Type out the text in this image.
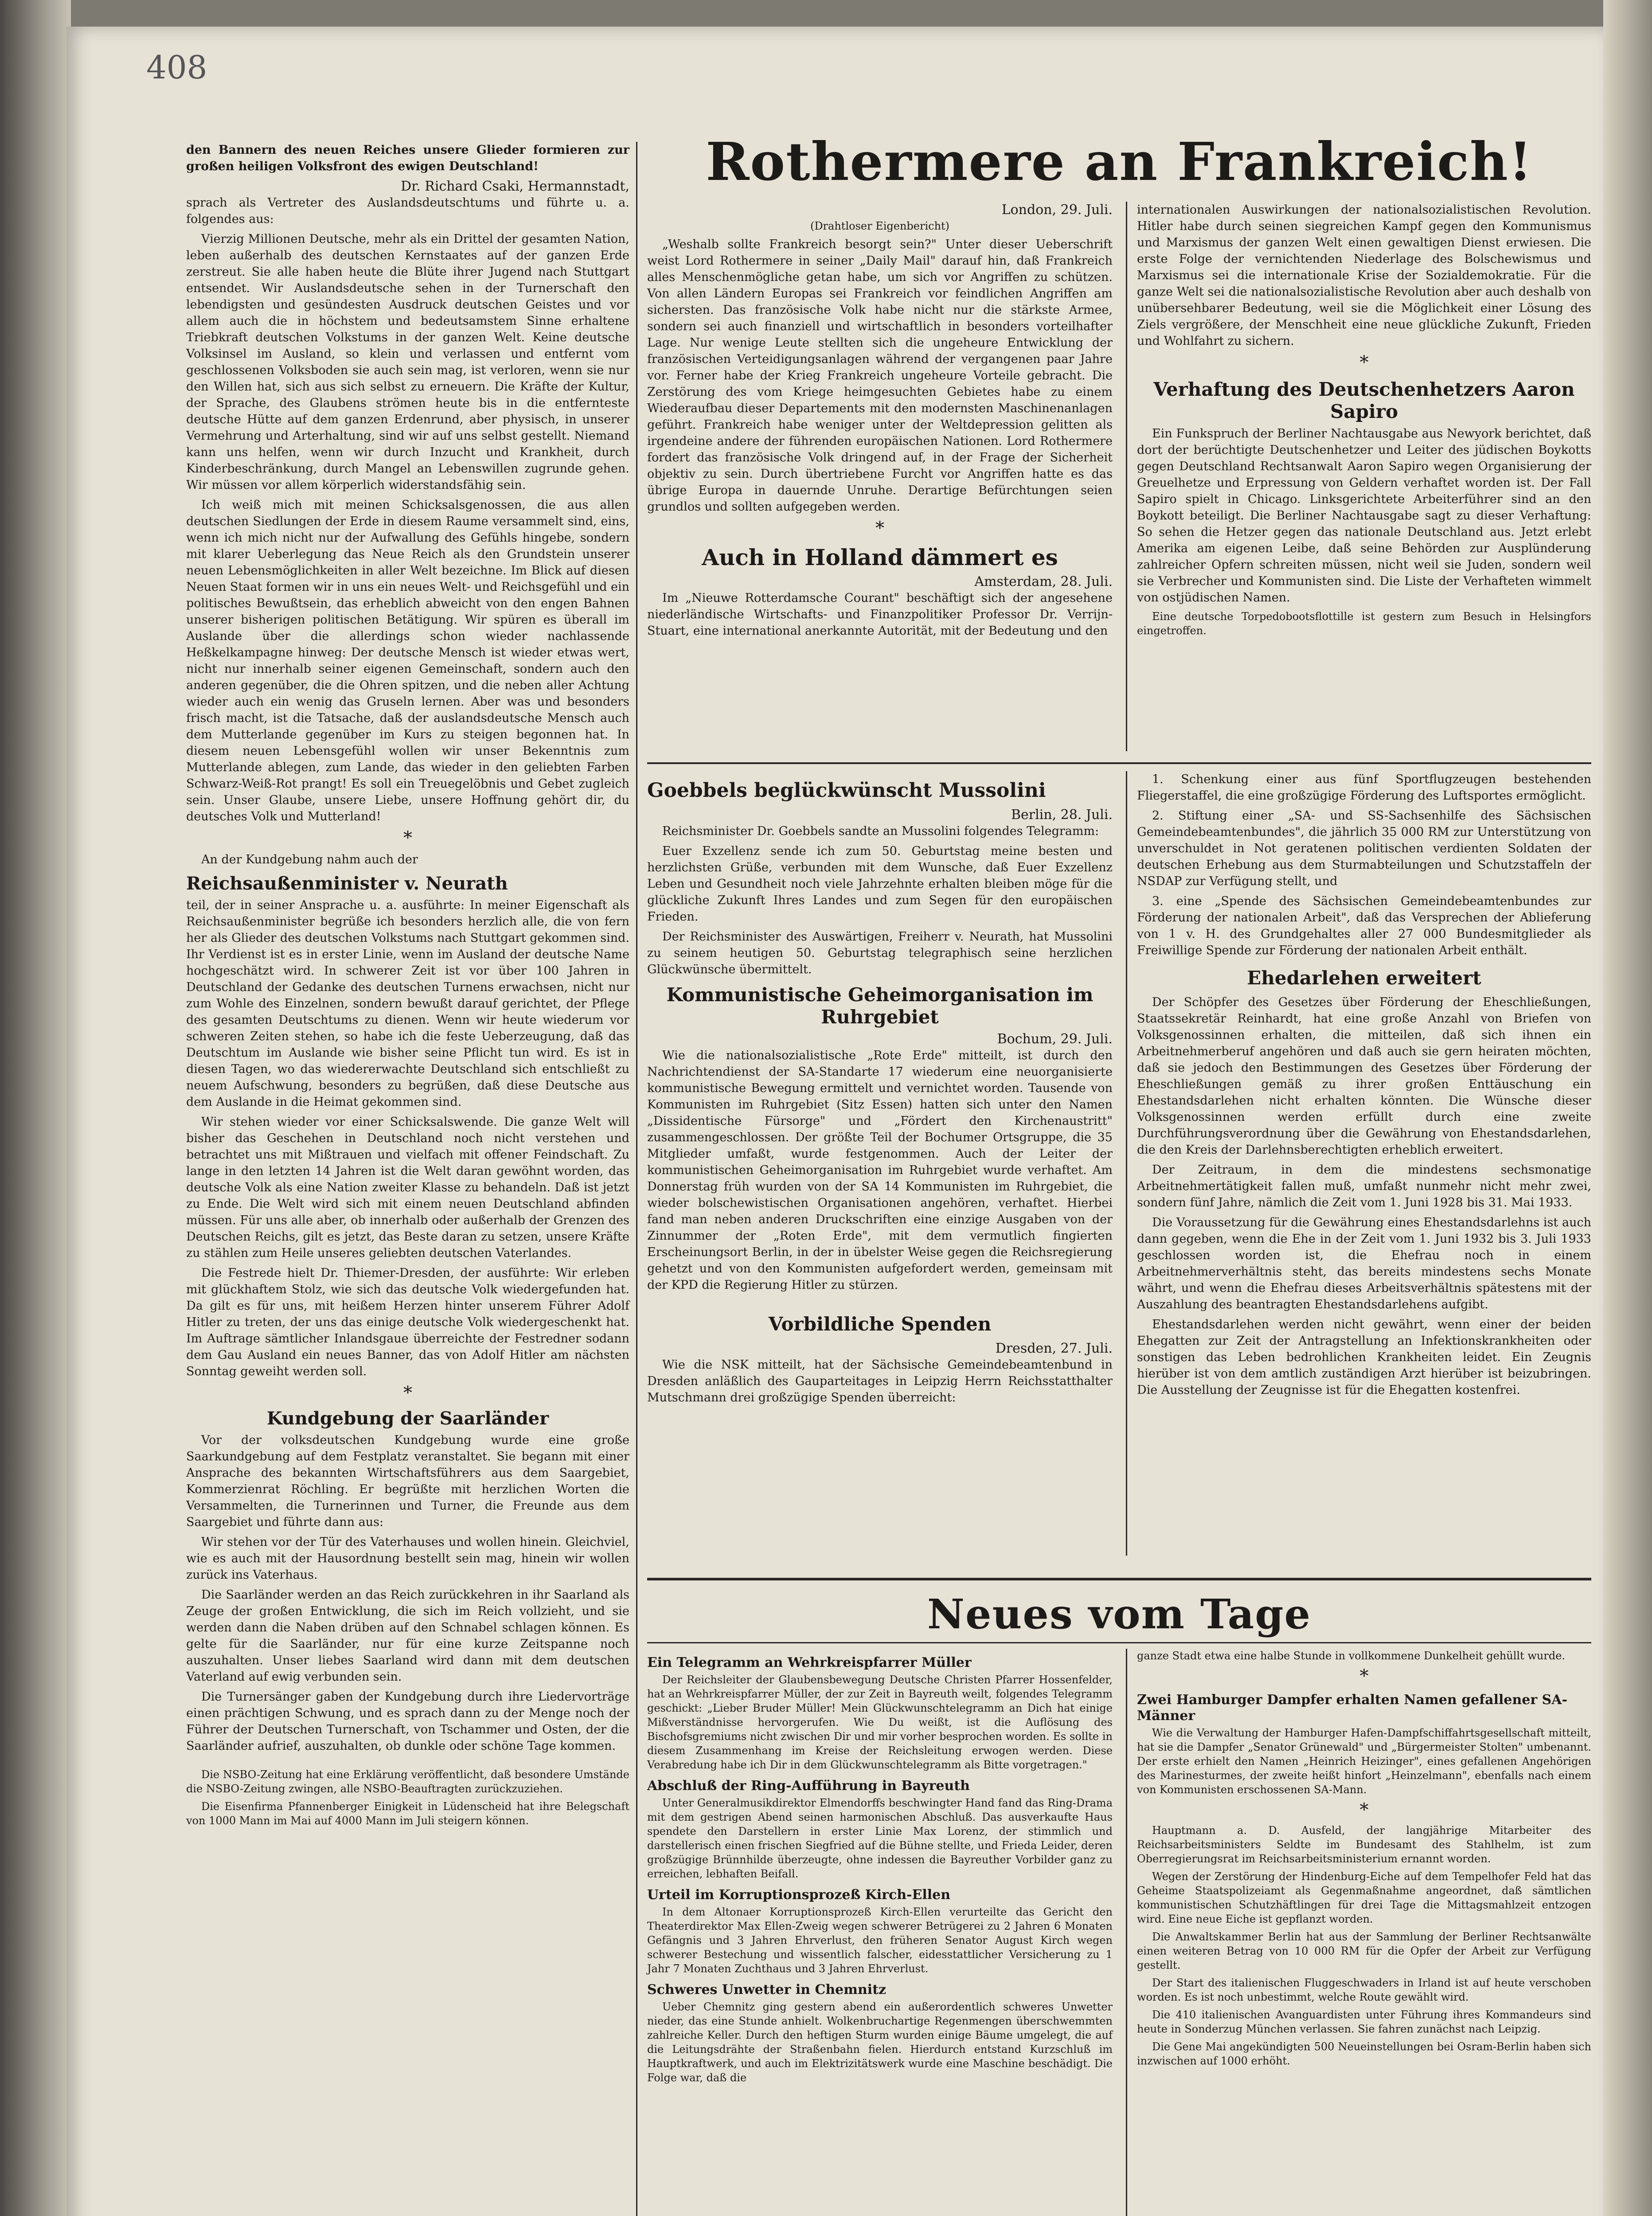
408

den Bannern des neuen Reiches unsere Glieder formieren zur großen heiligen Volksfront des ewigen Deutschland!

Dr. Richard Csaki, Hermannstadt,

sprach als Vertreter des Auslandsdeutschtums und führte u. a. folgendes aus:

Vierzig Millionen Deutsche, mehr als ein Drittel der gesamten Nation, leben außerhalb des deutschen Kernstaates auf der ganzen Erde zerstreut. Sie alle haben heute die Blüte ihrer Jugend nach Stuttgart entsendet. Wir Auslandsdeutsche sehen in der Turnerschaft den lebendigsten und gesündesten Ausdruck deutschen Geistes und vor allem auch die in höchstem und bedeutsamstem Sinne erhaltene Triebkraft deutschen Volkstums in der ganzen Welt. Keine deutsche Volksinsel im Ausland, so klein und verlassen und entfernt vom geschlossenen Volksboden sie auch sein mag, ist verloren, wenn sie nur den Willen hat, sich aus sich selbst zu erneuern. Die Kräfte der Kultur, der Sprache, des Glaubens strömen heute bis in die entfernteste deutsche Hütte auf dem ganzen Erdenrund, aber physisch, in unserer Vermehrung und Arterhaltung, sind wir auf uns selbst gestellt. Niemand kann uns helfen, wenn wir durch Inzucht und Krankheit, durch Kinderbeschränkung, durch Mangel an Lebenswillen zugrunde gehen. Wir müssen vor allem körperlich widerstandsfähig sein.

Ich weiß mich mit meinen Schicksalsgenossen, die aus allen deutschen Siedlungen der Erde in diesem Raume versammelt sind, eins, wenn ich mich nicht nur der Aufwallung des Gefühls hingebe, sondern mit klarer Ueberlegung das Neue Reich als den Grundstein unserer neuen Lebensmöglichkeiten in aller Welt bezeichne. Im Blick auf diesen Neuen Staat formen wir in uns ein neues Welt- und Reichsgefühl und ein politisches Bewußtsein, das erheblich abweicht von den engen Bahnen unserer bisherigen politischen Betätigung. Wir spüren es überall im Auslande über die allerdings schon wieder nachlassende Heßkelkampagne hinweg: Der deutsche Mensch ist wieder etwas wert, nicht nur innerhalb seiner eigenen Gemeinschaft, sondern auch den anderen gegenüber, die die Ohren spitzen, und die neben aller Achtung wieder auch ein wenig das Gruseln lernen. Aber was und besonders frisch macht, ist die Tatsache, daß der auslandsdeutsche Mensch auch dem Mutterlande gegenüber im Kurs zu steigen begonnen hat. In diesem neuen Lebensgefühl wollen wir unser Bekenntnis zum Mutterlande ablegen, zum Lande, das wieder in den geliebten Farben Schwarz-Weiß-Rot prangt! Es soll ein Treuegelöbnis und Gebet zugleich sein. Unser Glaube, unsere Liebe, unsere Hoffnung gehört dir, du deutsches Volk und Mutterland!

*

An der Kundgebung nahm auch der

Reichsaußenminister v. Neurath

teil, der in seiner Ansprache u. a. ausführte: In meiner Eigenschaft als Reichsaußenminister begrüße ich besonders herzlich alle, die von fern her als Glieder des deutschen Volkstums nach Stuttgart gekommen sind. Ihr Verdienst ist es in erster Linie, wenn im Ausland der deutsche Name hochgeschätzt wird. In schwerer Zeit ist vor über 100 Jahren in Deutschland der Gedanke des deutschen Turnens erwachsen, nicht nur zum Wohle des Einzelnen, sondern bewußt darauf gerichtet, der Pflege des gesamten Deutschtums zu dienen. Wenn wir heute wiederum vor schweren Zeiten stehen, so habe ich die feste Ueberzeugung, daß das Deutschtum im Auslande wie bisher seine Pflicht tun wird. Es ist in diesen Tagen, wo das wiedererwachte Deutschland sich entschließt zu neuem Aufschwung, besonders zu begrüßen, daß diese Deutsche aus dem Auslande in die Heimat gekommen sind.

Wir stehen wieder vor einer Schicksalswende. Die ganze Welt will bisher das Geschehen in Deutschland noch nicht verstehen und betrachtet uns mit Mißtrauen und vielfach mit offener Feindschaft. Zu lange in den letzten 14 Jahren ist die Welt daran gewöhnt worden, das deutsche Volk als eine Nation zweiter Klasse zu behandeln. Daß ist jetzt zu Ende. Die Welt wird sich mit einem neuen Deutschland abfinden müssen. Für uns alle aber, ob innerhalb oder außerhalb der Grenzen des Deutschen Reichs, gilt es jetzt, das Beste daran zu setzen, unsere Kräfte zu stählen zum Heile unseres geliebten deutschen Vaterlandes.

Die Festrede hielt Dr. Thiemer-Dresden, der ausführte: Wir erleben mit glückhaftem Stolz, wie sich das deutsche Volk wiedergefunden hat. Da gilt es für uns, mit heißem Herzen hinter unserem Führer Adolf Hitler zu treten, der uns das einige deutsche Volk wiedergeschenkt hat. Im Auftrage sämtlicher Inlandsgaue überreichte der Festredner sodann dem Gau Ausland ein neues Banner, das von Adolf Hitler am nächsten Sonntag geweiht werden soll.

*
Kundgebung der Saarländer

Vor der volksdeutschen Kundgebung wurde eine große Saarkundgebung auf dem Festplatz veranstaltet. Sie begann mit einer Ansprache des bekannten Wirtschaftsführers aus dem Saargebiet, Kommerzienrat Röchling. Er begrüßte mit herzlichen Worten die Versammelten, die Turnerinnen und Turner, die Freunde aus dem Saargebiet und führte dann aus:

Wir stehen vor der Tür des Vaterhauses und wollen hinein. Gleichviel, wie es auch mit der Hausordnung bestellt sein mag, hinein wir wollen zurück ins Vaterhaus.

Die Saarländer werden an das Reich zurückkehren in ihr Saarland als Zeuge der großen Entwicklung, die sich im Reich vollzieht, und sie werden dann die Naben drüben auf den Schnabel schlagen können. Es gelte für die Saarländer, nur für eine kurze Zeitspanne noch auszuhalten. Unser liebes Saarland wird dann mit dem deutschen Vaterland auf ewig verbunden sein.

Die Turnersänger gaben der Kundgebung durch ihre Liedervorträge einen prächtigen Schwung, und es sprach dann zu der Menge noch der Führer der Deutschen Turnerschaft, von Tschammer und Osten, der die Saarländer aufrief, auszuhalten, ob dunkle oder schöne Tage kommen.

Die NSBO-Zeitung hat eine Erklärung veröffentlicht, daß besondere Umstände die NSBO-Zeitung zwingen, alle NSBO-Beauftragten zurückzuziehen.

Die Eisenfirma Pfannenberger Einigkeit in Lüdenscheid hat ihre Belegschaft von 1000 Mann im Mai auf 4000 Mann im Juli steigern können.

Rothermere an Frankreich!
London, 29. Juli.
(Drahtloser Eigenbericht)

„Weshalb sollte Frankreich besorgt sein?" Unter dieser Ueberschrift weist Lord Rothermere in seiner „Daily Mail" darauf hin, daß Frankreich alles Menschenmögliche getan habe, um sich vor Angriffen zu schützen. Von allen Ländern Europas sei Frankreich vor feindlichen Angriffen am sichersten. Das französische Volk habe nicht nur die stärkste Armee, sondern sei auch finanziell und wirtschaftlich in besonders vorteilhafter Lage. Nur wenige Leute stellten sich die ungeheure Entwicklung der französischen Verteidigungsanlagen während der vergangenen paar Jahre vor. Ferner habe der Krieg Frankreich ungeheure Vorteile gebracht. Die Zerstörung des vom Kriege heimgesuchten Gebietes habe zu einem Wiederaufbau dieser Departements mit den modernsten Maschinenanlagen geführt. Frankreich habe weniger unter der Weltdepression gelitten als irgendeine andere der führenden europäischen Nationen. Lord Rothermere fordert das französische Volk dringend auf, in der Frage der Sicherheit objektiv zu sein. Durch übertriebene Furcht vor Angriffen hatte es das übrige Europa in dauernde Unruhe. Derartige Befürchtungen seien grundlos und sollten aufgegeben werden.

*
Auch in Holland dämmert es
Amsterdam, 28. Juli.

Im „Nieuwe Rotterdamsche Courant" beschäftigt sich der angesehene niederländische Wirtschafts- und Finanzpolitiker Professor Dr. Verrijn-Stuart, eine international anerkannte Autorität, mit der Bedeutung und den

internationalen Auswirkungen der nationalsozialistischen Revolution. Hitler habe durch seinen siegreichen Kampf gegen den Kommunismus und Marxismus der ganzen Welt einen gewaltigen Dienst erwiesen. Die erste Folge der vernichtenden Niederlage des Bolschewismus und Marxismus sei die internationale Krise der Sozialdemokratie. Für die ganze Welt sei die nationalsozialistische Revolution aber auch deshalb von unübersehbarer Bedeutung, weil sie die Möglichkeit einer Lösung des Ziels vergrößere, der Menschheit eine neue glückliche Zukunft, Frieden und Wohlfahrt zu sichern.

*
Verhaftung des Deutschenhetzers Aaron Sapiro

Ein Funkspruch der Berliner Nachtausgabe aus Newyork berichtet, daß dort der berüchtigte Deutschenhetzer und Leiter des jüdischen Boykotts gegen Deutschland Rechtsanwalt Aaron Sapiro wegen Organisierung der Greuelhetze und Erpressung von Geldern verhaftet worden ist. Der Fall Sapiro spielt in Chicago. Linksgerichtete Arbeiterführer sind an den Boykott beteiligt. Die Berliner Nachtausgabe sagt zu dieser Verhaftung: So sehen die Hetzer gegen das nationale Deutschland aus. Jetzt erlebt Amerika am eigenen Leibe, daß seine Behörden zur Ausplünderung zahlreicher Opfern schreiten müssen, nicht weil sie Juden, sondern weil sie Verbrecher und Kommunisten sind. Die Liste der Verhafteten wimmelt von ostjüdischen Namen.

Eine deutsche Torpedobootsflottille ist gestern zum Besuch in Helsingfors eingetroffen.

Goebbels beglückwünscht Mussolini
Berlin, 28. Juli.

Reichsminister Dr. Goebbels sandte an Mussolini folgendes Telegramm:

Euer Exzellenz sende ich zum 50. Geburtstag meine besten und herzlichsten Grüße, verbunden mit dem Wunsche, daß Euer Exzellenz Leben und Gesundheit noch viele Jahrzehnte erhalten bleiben möge für die glückliche Zukunft Ihres Landes und zum Segen für den europäischen Frieden.

Der Reichsminister des Auswärtigen, Freiherr v. Neurath, hat Mussolini zu seinem heutigen 50. Geburtstag telegraphisch seine herzlichen Glückwünsche übermittelt.

Kommunistische Geheimorganisation im Ruhrgebiet
Bochum, 29. Juli.

Wie die nationalsozialistische „Rote Erde" mitteilt, ist durch den Nachrichtendienst der SA-Standarte 17 wiederum eine neuorganisierte kommunistische Bewegung ermittelt und vernichtet worden. Tausende von Kommunisten im Ruhrgebiet (Sitz Essen) hatten sich unter den Namen „Dissidentische Fürsorge" und „Fördert den Kirchenaustritt" zusammengeschlossen. Der größte Teil der Bochumer Ortsgruppe, die 35 Mitglieder umfaßt, wurde festgenommen. Auch der Leiter der kommunistischen Geheimorganisation im Ruhrgebiet wurde verhaftet. Am Donnerstag früh wurden von der SA 14 Kommunisten im Ruhrgebiet, die wieder bolschewistischen Organisationen angehören, verhaftet. Hierbei fand man neben anderen Druckschriften eine einzige Ausgaben von der Zinnummer der „Roten Erde", mit dem vermutlich fingierten Erscheinungsort Berlin, in der in übelster Weise gegen die Reichsregierung gehetzt und von den Kommunisten aufgefordert werden, gemeinsam mit der KPD die Regierung Hitler zu stürzen.

Vorbildliche Spenden
Dresden, 27. Juli.

Wie die NSK mitteilt, hat der Sächsische Gemeindebeamtenbund in Dresden anläßlich des Gauparteitages in Leipzig Herrn Reichsstatthalter Mutschmann drei großzügige Spenden überreicht:

1. Schenkung einer aus fünf Sportflugzeugen bestehenden Fliegerstaffel, die eine großzügige Förderung des Luftsportes ermöglicht.

2. Stiftung einer „SA- und SS-Sachsenhilfe des Sächsischen Gemeindebeamtenbundes", die jährlich 35 000 RM zur Unterstützung von unverschuldet in Not geratenen politischen verdienten Soldaten der deutschen Erhebung aus dem Sturmabteilungen und Schutzstaffeln der NSDAP zur Verfügung stellt, und

3. eine „Spende des Sächsischen Gemeindebeamtenbundes zur Förderung der nationalen Arbeit", daß das Versprechen der Ablieferung von 1 v. H. des Grundgehaltes aller 27 000 Bundesmitglieder als Freiwillige Spende zur Förderung der nationalen Arbeit enthält.

Ehedarlehen erweitert

Der Schöpfer des Gesetzes über Förderung der Eheschließungen, Staatssekretär Reinhardt, hat eine große Anzahl von Briefen von Volksgenossinnen erhalten, die mitteilen, daß sich ihnen ein Arbeitnehmerberuf angehören und daß auch sie gern heiraten möchten, daß sie jedoch den Bestimmungen des Gesetzes über Förderung der Eheschließungen gemäß zu ihrer großen Enttäuschung ein Ehestandsdarlehen nicht erhalten könnten. Die Wünsche dieser Volksgenossinnen werden erfüllt durch eine zweite Durchführungsverordnung über die Gewährung von Ehestandsdarlehen, die den Kreis der Darlehnsberechtigten erheblich erweitert.

Der Zeitraum, in dem die mindestens sechsmonatige Arbeitnehmertätigkeit fallen muß, umfaßt nunmehr nicht mehr zwei, sondern fünf Jahre, nämlich die Zeit vom 1. Juni 1928 bis 31. Mai 1933.

Die Voraussetzung für die Gewährung eines Ehestandsdarlehns ist auch dann gegeben, wenn die Ehe in der Zeit vom 1. Juni 1932 bis 3. Juli 1933 geschlossen worden ist, die Ehefrau noch in einem Arbeitnehmerverhältnis steht, das bereits mindestens sechs Monate währt, und wenn die Ehefrau dieses Arbeitsverhältnis spätestens mit der Auszahlung des beantragten Ehestandsdarlehens aufgibt.

Ehestandsdarlehen werden nicht gewährt, wenn einer der beiden Ehegatten zur Zeit der Antragstellung an Infektionskrankheiten oder sonstigen das Leben bedrohlichen Krankheiten leidet. Ein Zeugnis hierüber ist von dem amtlich zuständigen Arzt hierüber ist beizubringen. Die Ausstellung der Zeugnisse ist für die Ehegatten kostenfrei.

Neues vom Tage
Ein Telegramm an Wehrkreispfarrer Müller

Der Reichsleiter der Glaubensbewegung Deutsche Christen Pfarrer Hossenfelder, hat an Wehrkreispfarrer Müller, der zur Zeit in Bayreuth weilt, folgendes Telegramm geschickt: „Lieber Bruder Müller! Mein Glückwunschtelegramm an Dich hat einige Mißverständnisse hervorgerufen. Wie Du weißt, ist die Auflösung des Bischofsgremiums nicht zwischen Dir und mir vorher besprochen worden. Es sollte in diesem Zusammenhang im Kreise der Reichsleitung erwogen werden. Diese Verabredung habe ich Dir in dem Glückwunschtelegramm als Bitte vorgetragen."

Abschluß der Ring-Aufführung in Bayreuth

Unter Generalmusikdirektor Elmendorffs beschwingter Hand fand das Ring-Drama mit dem gestrigen Abend seinen harmonischen Abschluß. Das ausverkaufte Haus spendete den Darstellern in erster Linie Max Lorenz, der stimmlich und darstellerisch einen frischen Siegfried auf die Bühne stellte, und Frieda Leider, deren großzügige Brünnhilde überzeugte, ohne indessen die Bayreuther Vorbilder ganz zu erreichen, lebhaften Beifall.

Urteil im Korruptionsprozeß Kirch-Ellen

In dem Altonaer Korruptionsprozeß Kirch-Ellen verurteilte das Gericht den Theaterdirektor Max Ellen-Zweig wegen schwerer Betrügerei zu 2 Jahren 6 Monaten Gefängnis und 3 Jahren Ehrverlust, den früheren Senator August Kirch wegen schwerer Bestechung und wissentlich falscher, eidesstattlicher Versicherung zu 1 Jahr 7 Monaten Zuchthaus und 3 Jahren Ehrverlust.

Schweres Unwetter in Chemnitz

Ueber Chemnitz ging gestern abend ein außerordentlich schweres Unwetter nieder, das eine Stunde anhielt. Wolkenbruchartige Regenmengen überschwemmten zahlreiche Keller. Durch den heftigen Sturm wurden einige Bäume umgelegt, die auf die Leitungsdrähte der Straßenbahn fielen. Hierdurch entstand Kurzschluß im Hauptkraftwerk, und auch im Elektrizitätswerk wurde eine Maschine beschädigt. Die Folge war, daß die

ganze Stadt etwa eine halbe Stunde in vollkommene Dunkelheit gehüllt wurde.

*
Zwei Hamburger Dampfer erhalten Namen gefallener SA-Männer

Wie die Verwaltung der Hamburger Hafen-Dampfschiffahrtsgesellschaft mitteilt, hat sie die Dampfer „Senator Grünewald" und „Bürgermeister Stolten" umbenannt. Der erste erhielt den Namen „Heinrich Heizinger", eines gefallenen Angehörigen des Marinesturmes, der zweite heißt hinfort „Heinzelmann", ebenfalls nach einem von Kommunisten erschossenen SA-Mann.

*

Hauptmann a. D. Ausfeld, der langjährige Mitarbeiter des Reichsarbeitsministers Seldte im Bundesamt des Stahlhelm, ist zum Oberregierungsrat im Reichsarbeitsministerium ernannt worden.

Wegen der Zerstörung der Hindenburg-Eiche auf dem Tempelhofer Feld hat das Geheime Staatspolizeiamt als Gegenmaßnahme angeordnet, daß sämtlichen kommunistischen Schutzhäftlingen für drei Tage die Mittagsmahlzeit entzogen wird. Eine neue Eiche ist gepflanzt worden.

Die Anwaltskammer Berlin hat aus der Sammlung der Berliner Rechtsanwälte einen weiteren Betrag von 10 000 RM für die Opfer der Arbeit zur Verfügung gestellt.

Der Start des italienischen Fluggeschwaders in Irland ist auf heute verschoben worden. Es ist noch unbestimmt, welche Route gewählt wird.

Die 410 italienischen Avanguardisten unter Führung ihres Kommandeurs sind heute in Sonderzug München verlassen. Sie fahren zunächst nach Leipzig.

Die Gene Mai angekündigten 500 Neueinstellungen bei Osram-Berlin haben sich inzwischen auf 1000 erhöht.
